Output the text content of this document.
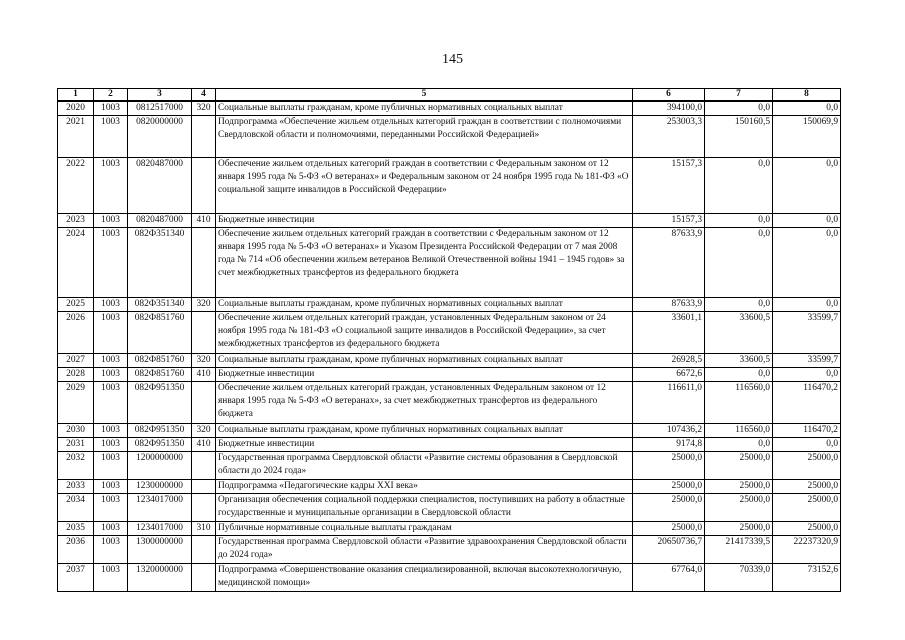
145
1	2	3	4	5	6	7	8
2020	1003	0812517000	320	Социальные выплаты гражданам, кроме публичных нормативных социальных выплат	394100,0	0,0	0,0
2021	1003	0820000000		Подпрограмма «Обеспечение жильем отдельных категорий граждан в соответствии с полномочиями Свердловской области и полномочиями, переданными Российской Федерацией»	253003,3	150160,5	150069,9
2022	1003	0820487000		Обеспечение жильем отдельных категорий граждан в соответствии с Федеральным законом от 12 января 1995 года № 5-ФЗ «О ветеранах» и Федеральным законом от 24 ноября 1995 года № 181-ФЗ «О социальной защите инвалидов в Российской Федерации»	15157,3	0,0	0,0
2023	1003	0820487000	410	Бюджетные инвестиции	15157,3	0,0	0,0
2024	1003	082Ф351340		Обеспечение жильем отдельных категорий граждан в соответствии с Федеральным законом от 12 января 1995 года № 5-ФЗ «О ветеранах» и Указом Президента Российской Федерации от 7 мая 2008 года № 714 «Об обеспечении жильем ветеранов Великой Отечественной войны 1941 – 1945 годов» за счет межбюджетных трансфертов из федерального бюджета	87633,9	0,0	0,0
2025	1003	082Ф351340	320	Социальные выплаты гражданам, кроме публичных нормативных социальных выплат	87633,9	0,0	0,0
2026	1003	082Ф851760		Обеспечение жильем отдельных категорий граждан, установленных Федеральным законом от 24 ноября 1995 года № 181-ФЗ «О социальной защите инвалидов в Российской Федерации», за счет межбюджетных трансфертов из федерального бюджета	33601,1	33600,5	33599,7
2027	1003	082Ф851760	320	Социальные выплаты гражданам, кроме публичных нормативных социальных выплат	26928,5	33600,5	33599,7
2028	1003	082Ф851760	410	Бюджетные инвестиции	6672,6	0,0	0,0
2029	1003	082Ф951350		Обеспечение жильем отдельных категорий граждан, установленных Федеральным законом от 12 января 1995 года № 5-ФЗ «О ветеранах», за счет межбюджетных трансфертов из федерального бюджета	116611,0	116560,0	116470,2
2030	1003	082Ф951350	320	Социальные выплаты гражданам, кроме публичных нормативных социальных выплат	107436,2	116560,0	116470,2
2031	1003	082Ф951350	410	Бюджетные инвестиции	9174,8	0,0	0,0
2032	1003	1200000000		Государственная программа Свердловской области «Развитие системы образования в Свердловской области до 2024 года»	25000,0	25000,0	25000,0
2033	1003	1230000000		Подпрограмма «Педагогические кадры XXI века»	25000,0	25000,0	25000,0
2034	1003	1234017000		Организация обеспечения социальной поддержки специалистов, поступивших на работу в областные государственные и муниципальные организации в Свердловской области	25000,0	25000,0	25000,0
2035	1003	1234017000	310	Публичные нормативные социальные выплаты гражданам	25000,0	25000,0	25000,0
2036	1003	1300000000		Государственная программа Свердловской области «Развитие здравоохранения Свердловской области до 2024 года»	20650736,7	21417339,5	22237320,9
2037	1003	1320000000		Подпрограмма «Совершенствование оказания специализированной, включая высокотехнологичную, медицинской помощи»	67764,0	70339,0	73152,6
